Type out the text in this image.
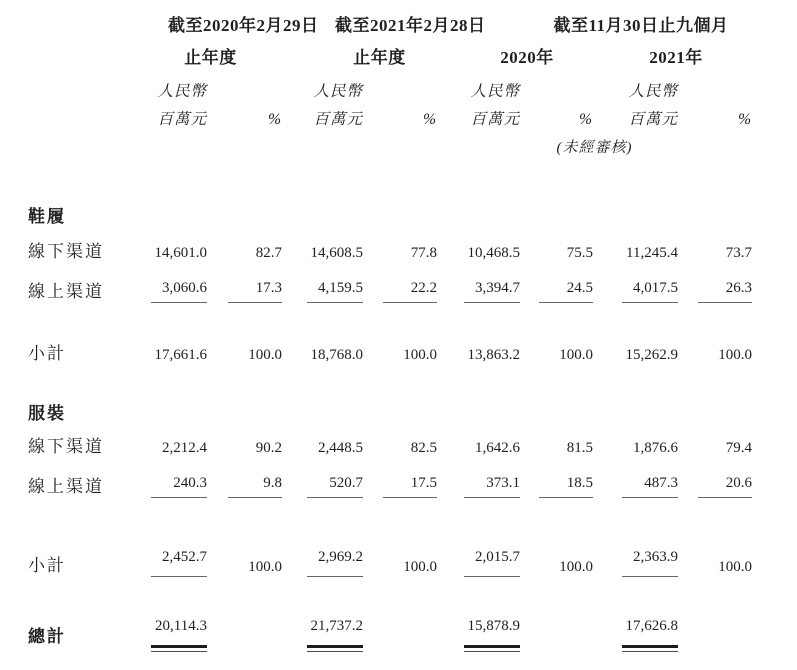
	截至2020年2月29日		截至2021年2月28日		截至11月30日止九個月			
	止年度		止年度		2020年		2021年	
	人民幣		人民幣		人民幣		人民幣	
	百萬元	%	百萬元	%	百萬元	%	百萬元	%
					(未經審核)			
鞋履								
線下渠道	14,601.0	82.7	14,608.5	77.8	10,468.5	75.5	11,245.4	73.7
線上渠道	3,060.6	17.3	4,159.5	22.2	3,394.7	24.5	4,017.5	26.3
小計	17,661.6	100.0	18,768.0	100.0	13,863.2	100.0	15,262.9	100.0
服裝								
線下渠道	2,212.4	90.2	2,448.5	82.5	1,642.6	81.5	1,876.6	79.4
線上渠道	240.3	9.8	520.7	17.5	373.1	18.5	487.3	20.6
小計	2,452.7	100.0	2,969.2	100.0	2,015.7	100.0	2,363.9	100.0
總計	20,114.3		21,737.2		15,878.9		17,626.8	
